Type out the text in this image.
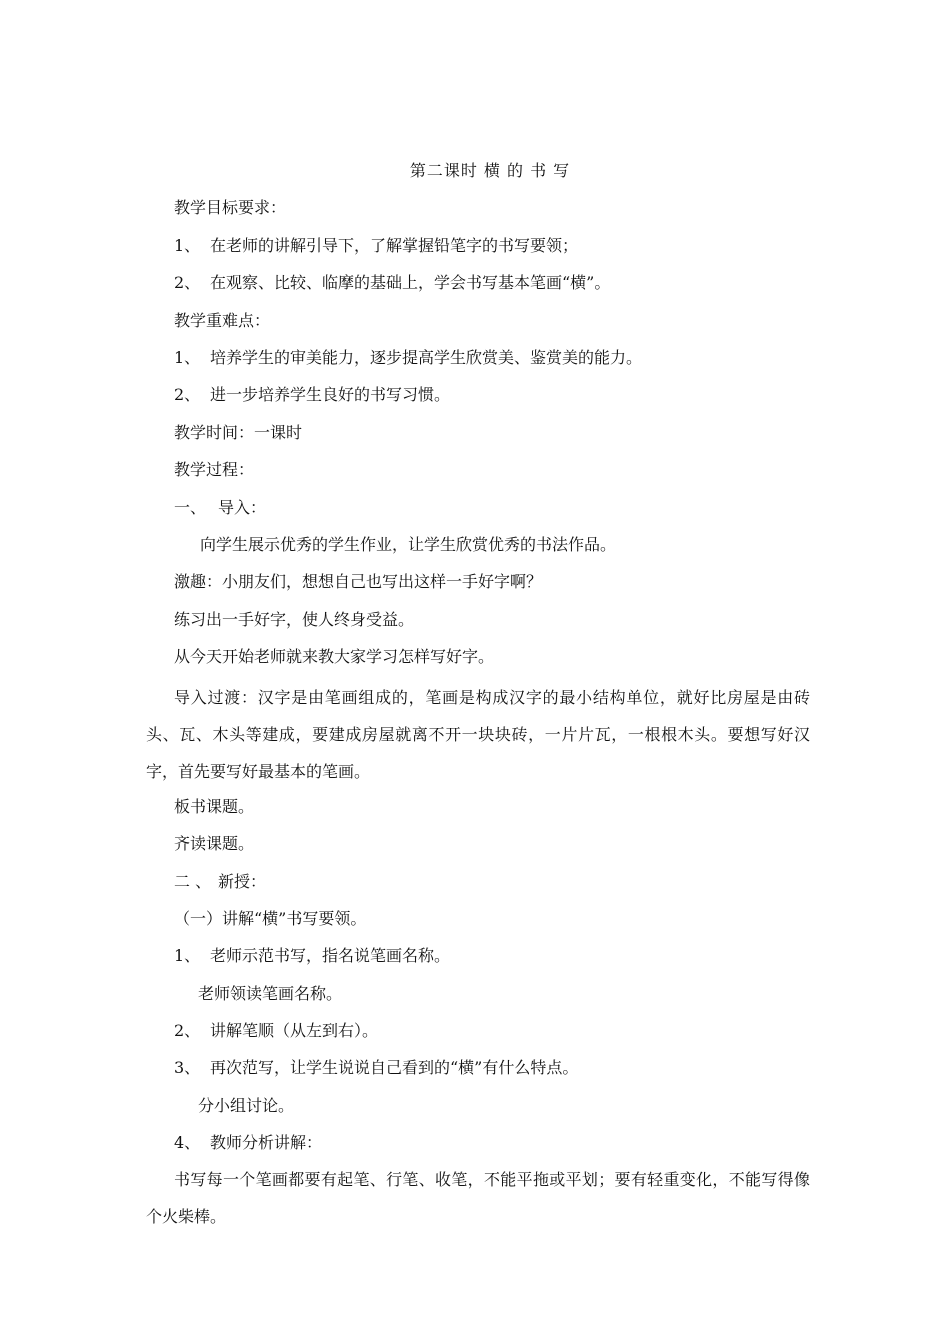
第二课时 横 的 书 写
教学目标要求：
1、 在老师的讲解引导下，了解掌握铅笔字的书写要领；
2、 在观察、比较、临摩的基础上，学会书写基本笔画“横”。
教学重难点：
1、 培养学生的审美能力，逐步提高学生欣赏美、鉴赏美的能力。
2、 进一步培养学生良好的书写习惯。
教学时间：一课时
教学过程：
一、 导入：
向学生展示优秀的学生作业，让学生欣赏优秀的书法作品。
激趣：小朋友们，想想自己也写出这样一手好字啊？
练习出一手好字，使人终身受益。
从今天开始老师就来教大家学习怎样写好字。
导入过渡：汉字是由笔画组成的，笔画是构成汉字的最小结构单位，就好比房屋是由砖头、瓦、木头等建成，要建成房屋就离不开一块块砖，一片片瓦，一根根木头。要想写好汉字，首先要写好最基本的笔画。
板书课题。
齐读课题。
二 、 新授：
（一）讲解“横”书写要领。
1、 老师示范书写，指名说笔画名称。
老师领读笔画名称。
2、 讲解笔顺（从左到右）。
3、 再次范写，让学生说说自己看到的“横”有什么特点。
分小组讨论。
4、 教师分析讲解：
书写每一个笔画都要有起笔、行笔、收笔，不能平拖或平划；要有轻重变化，不能写得像个火柴棒。
